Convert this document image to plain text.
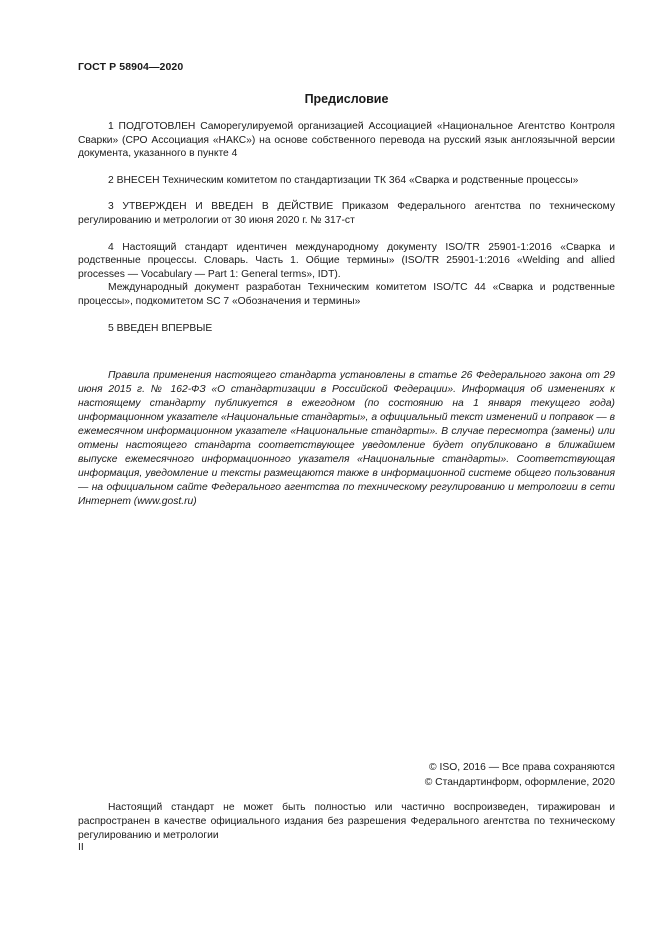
ГОСТ Р 58904—2020
Предисловие

1 ПОДГОТОВЛЕН Саморегулируемой организацией Ассоциацией «Национальное Агентство Контроля Сварки» (СРО Ассоциация «НАКС») на основе собственного перевода на русский язык англоязычной версии документа, указанного в пункте 4

2 ВНЕСЕН Техническим комитетом по стандартизации ТК 364 «Сварка и родственные процессы»

3 УТВЕРЖДЕН И ВВЕДЕН В ДЕЙСТВИЕ Приказом Федерального агентства по техническому регулированию и метрологии от 30 июня 2020 г. № 317-ст

4 Настоящий стандарт идентичен международному документу ISO/TR 25901-1:2016 «Сварка и родственные процессы. Словарь. Часть 1. Общие термины» (ISO/TR 25901-1:2016 «Welding and allied processes — Vocabulary — Part 1: General terms», IDT).

Международный документ разработан Техническим комитетом ISO/TC 44 «Сварка и родственные процессы», подкомитетом SC 7 «Обозначения и термины»

5 ВВЕДЕН ВПЕРВЫЕ

Правила применения настоящего стандарта установлены в статье 26 Федерального закона от 29 июня 2015 г. № 162-ФЗ «О стандартизации в Российской Федерации». Информация об изменениях к настоящему стандарту публикуется в ежегодном (по состоянию на 1 января текущего года) информационном указателе «Национальные стандарты», а официальный текст изменений и поправок — в ежемесячном информационном указателе «Национальные стандарты». В случае пересмотра (замены) или отмены настоящего стандарта соответствующее уведомление будет опубликовано в ближайшем выпуске ежемесячного информационного указателя «Национальные стандарты». Соответствующая информация, уведомление и тексты размещаются также в информационной системе общего пользования — на официальном сайте Федерального агентства по техническому регулированию и метрологии в сети Интернет (www.gost.ru)

© ISO, 2016 — Все права сохраняются
© Стандартинформ, оформление, 2020

Настоящий стандарт не может быть полностью или частично воспроизведен, тиражирован и распространен в качестве официального издания без разрешения Федерального агентства по техническому регулированию и метрологии

II
